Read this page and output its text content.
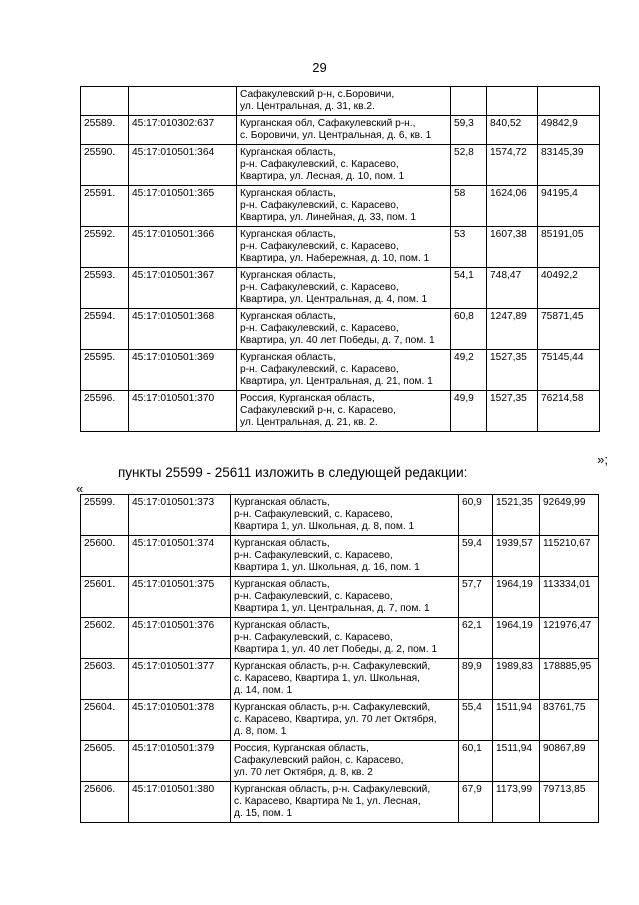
29

		Сафакулевский р-н, с.Боровичи,
ул. Центральная, д. 31, кв.2.			

25589.	45:17:010302:637	Курганская обл, Сафакулевский р-н.,
с. Боровичи, ул. Центральная, д. 6, кв. 1	59,3	840,52	49842,9
25590.	45:17:010501:364	Курганская область,
р-н. Сафакулевский, с. Карасево,
Квартира, ул. Лесная, д. 10, пом. 1	52,8	1574,72	83145,39
25591.	45:17:010501:365	Курганская область,
р-н. Сафакулевский, с. Карасево,
Квартира, ул. Линейная, д. 33, пом. 1	58	1624,06	94195,4
25592.	45:17:010501:366	Курганская область,
р-н. Сафакулевский, с. Карасево,
Квартира, ул. Набережная, д. 10, пом. 1	53	1607,38	85191,05
25593.	45:17:010501:367	Курганская область,
р-н. Сафакулевский, с. Карасево,
Квартира, ул. Центральная, д. 4, пом. 1	54,1	748,47	40492,2
25594.	45:17:010501:368	Курганская область,
р-н. Сафакулевский, с. Карасево,
Квартира, ул. 40 лет Победы, д. 7, пом. 1	60,8	1247,89	75871,45
25595.	45:17:010501:369	Курганская область,
р-н. Сафакулевский, с. Карасево,
Квартира, ул. Центральная, д. 21, пом. 1	49,2	1527,35	75145,44
25596.	45:17:010501:370	Россия, Курганская область,
Сафакулевский р-н, с. Карасево,
ул. Центральная, д. 21, кв. 2.	49,9	1527,35	76214,58
»;
пункты 25599 - 25611 изложить в следующей редакции:
«
25599.	45:17:010501:373	Курганская область,
р-н. Сафакулевский, с. Карасево,
Квартира 1, ул. Школьная, д. 8, пом. 1	60,9	1521,35	92649,99
25600.	45:17:010501:374	Курганская область,
р-н. Сафакулевский, с. Карасево,
Квартира 1, ул. Школьная, д. 16, пом. 1	59,4	1939,57	115210,67
25601.	45:17:010501:375	Курганская область,
р-н. Сафакулевский, с. Карасево,
Квартира 1, ул. Центральная, д. 7, пом. 1	57,7	1964,19	113334,01
25602.	45:17:010501:376	Курганская область,
р-н. Сафакулевский, с. Карасево,
Квартира 1, ул. 40 лет Победы, д. 2, пом. 1	62,1	1964,19	121976,47
25603.	45:17:010501:377	Курганская область, р-н. Сафакулевский,
с. Карасево, Квартира 1, ул. Школьная,
д. 14, пом. 1	89,9	1989,83	178885,95
25604.	45:17:010501:378	Курганская область, р-н. Сафакулевский,
с. Карасево, Квартира, ул. 70 лет Октября,
д. 8, пом. 1	55,4	1511,94	83761,75
25605.	45:17:010501:379	Россия, Курганская область,
Сафакулевский район, с. Карасево,
ул. 70 лет Октября, д. 8, кв. 2	60,1	1511,94	90867,89
25606.	45:17:010501:380	Курганская область, р-н. Сафакулевский,
с. Карасево, Квартира № 1, ул. Лесная,
д. 15, пом. 1	67,9	1173,99	79713,85
